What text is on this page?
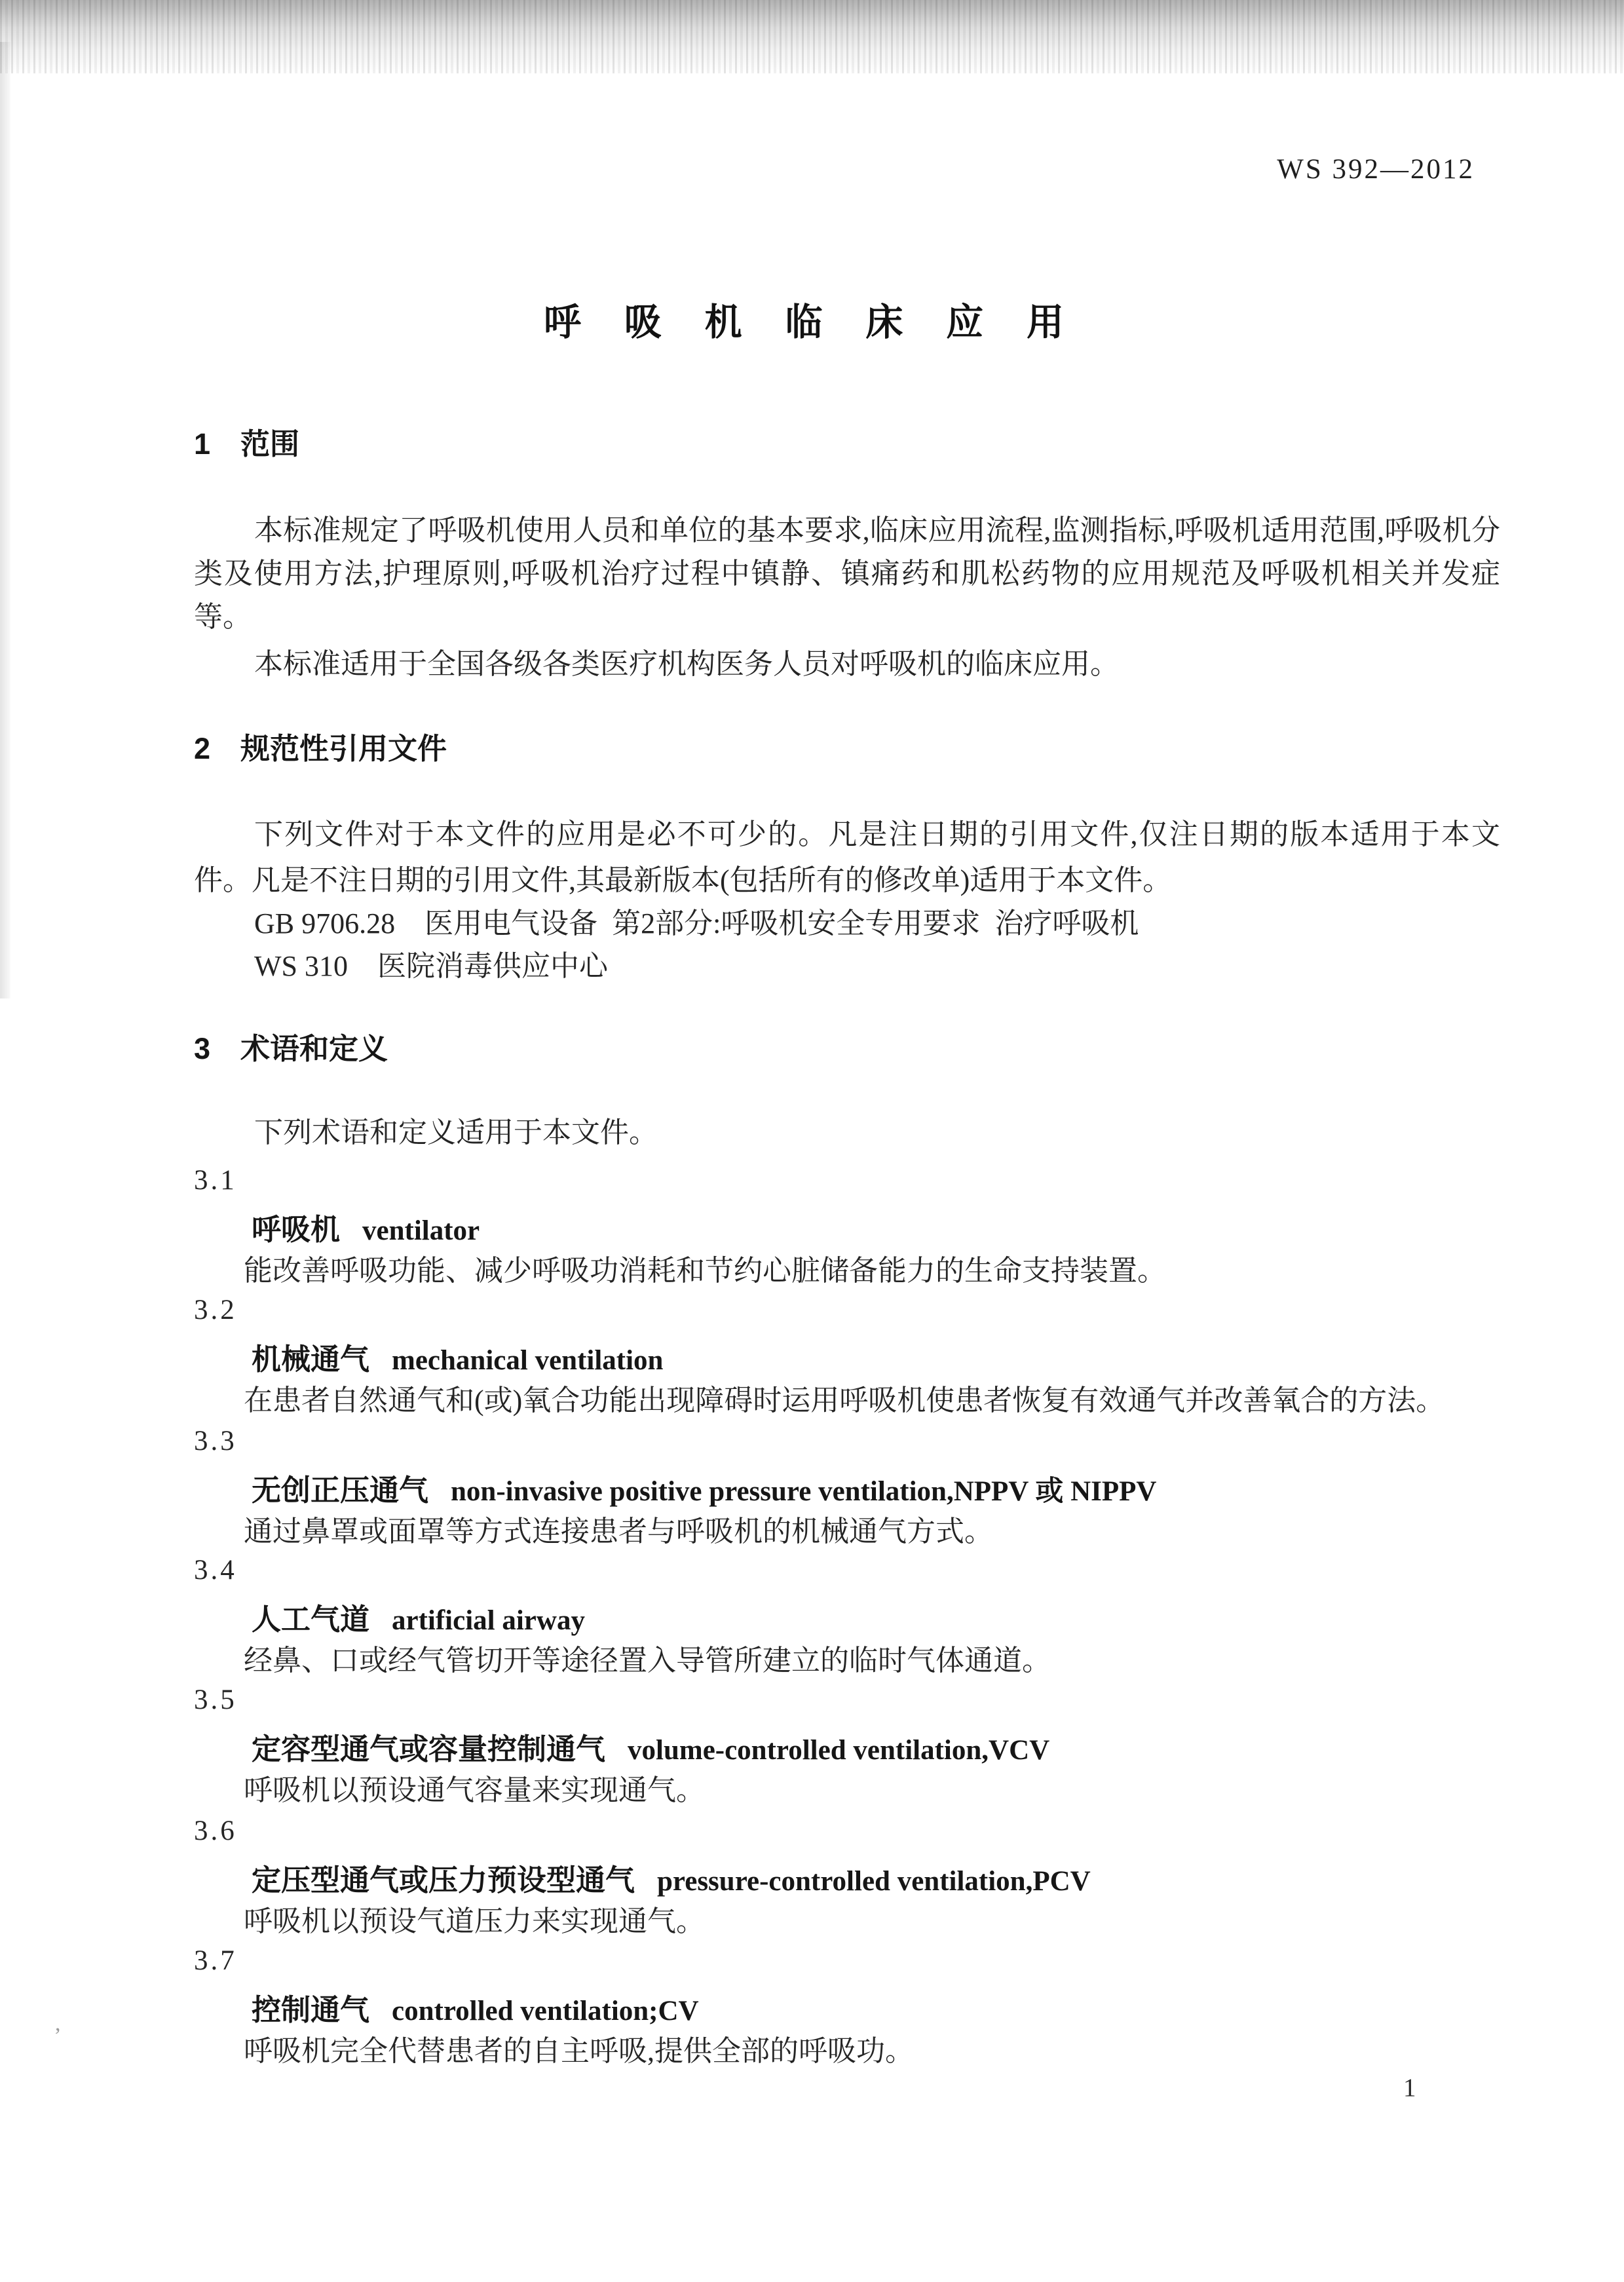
,
WS 392—2012
呼 吸 机 临 床 应 用
1 范围
本标准规定了呼吸机使用人员和单位的基本要求,临床应用流程,监测指标,呼吸机适用范围,呼吸机分类及使用方法,护理原则,呼吸机治疗过程中镇静、镇痛药和肌松药物的应用规范及呼吸机相关并发症等。
本标准适用于全国各级各类医疗机构医务人员对呼吸机的临床应用。
2 规范性引用文件
下列文件对于本文件的应用是必不可少的。凡是注日期的引用文件,仅注日期的版本适用于本文件。凡是不注日期的引用文件,其最新版本(包括所有的修改单)适用于本文件。
GB 9706.28 医用电气设备  第2部分:呼吸机安全专用要求  治疗呼吸机
WS 310 医院消毒供应中心
3 术语和定义
下列术语和定义适用于本文件。
3.1
呼吸机 ventilator
能改善呼吸功能、减少呼吸功消耗和节约心脏储备能力的生命支持装置。
3.2
机械通气 mechanical ventilation
在患者自然通气和(或)氧合功能出现障碍时运用呼吸机使患者恢复有效通气并改善氧合的方法。
3.3
无创正压通气 non-invasive positive pressure ventilation,NPPV 或 NIPPV
通过鼻罩或面罩等方式连接患者与呼吸机的机械通气方式。
3.4
人工气道 artificial airway
经鼻、口或经气管切开等途径置入导管所建立的临时气体通道。
3.5
定容型通气或容量控制通气 volume-controlled ventilation,VCV
呼吸机以预设通气容量来实现通气。
3.6
定压型通气或压力预设型通气 pressure-controlled ventilation,PCV
呼吸机以预设气道压力来实现通气。
3.7
控制通气 controlled ventilation;CV
呼吸机完全代替患者的自主呼吸,提供全部的呼吸功。
1
